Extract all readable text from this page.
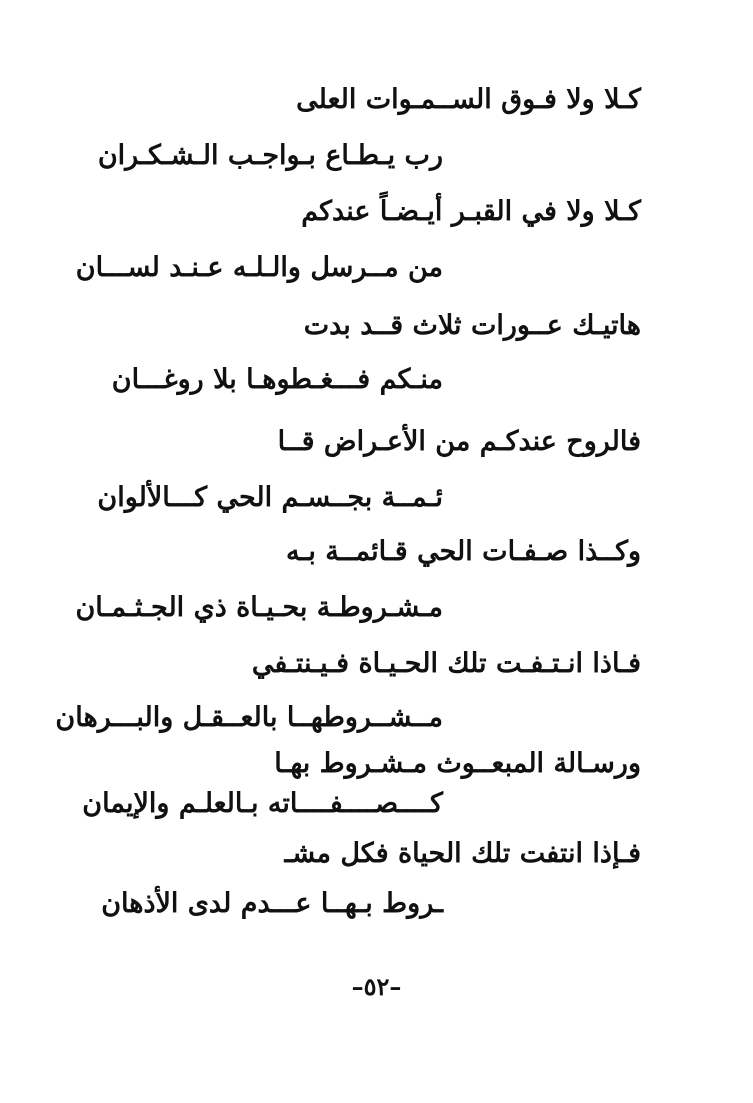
كـلا ولا فـوق الســمـوات العلى
رب يـطـاع بـواجـب الـشـكـران
كـلا ولا في القبـر أيـضـاً عندكم
من مــرسل والـلـه عـنـد لســـان
هاتيـك عــورات ثلاث قــد بدت
منـكم فـــغـطوهـا بلا روغـــان
فالروح عندكـم من الأعـراض قــا
ئـمــة بجــسـم الحي كـــالألوان
وكــذا صـفـات الحي قـائمــة بـه
مـشـروطـة بحـيـاة ذي الجـثـمـان
فـاذا انـتـفـت تلك الحـيـاة فـيـنتـفي
مــشــروطهــا بالعــقـل والبـــرهان
ورسـالة المبعــوث مـشـروط بهـا
كــــصــــفــــاته بـالعلـم والإيمان
فـإذا انتفت تلك الحياة فكل مشـ
ـروط بـهــا عـــدم لدى الأذهان
–٥٢–
